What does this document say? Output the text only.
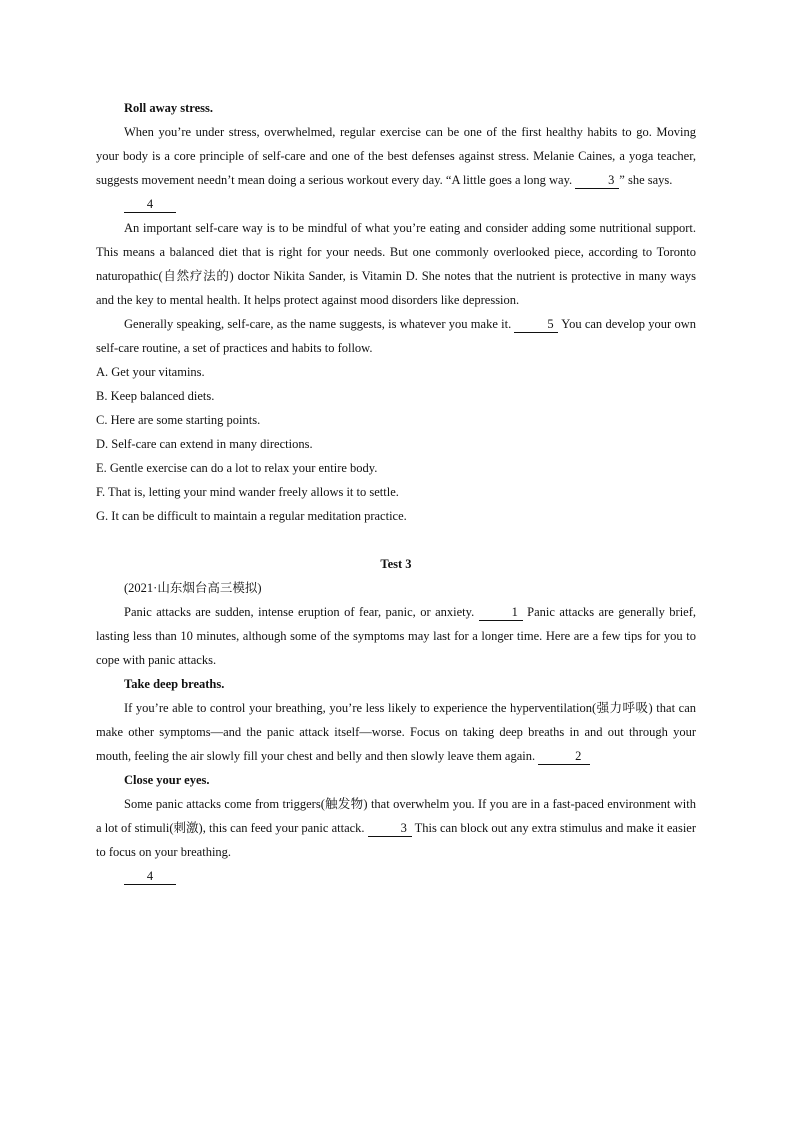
Roll away stress.

When you’re under stress, overwhelmed, regular exercise can be one of the first healthy habits to go. Moving your body is a core principle of self-care and one of the best defenses against stress. Melanie Caines, a yoga teacher, suggests movement needn’t mean doing a serious workout every day. “A little goes a long way.	3 ” she says.

4

An important self-care way is to be mindful of what you’re eating and consider adding some nutritional support. This means a balanced diet that is right for your needs. But one commonly overlooked piece, according to Toronto naturopathic(自然疗法的) doctor Nikita Sander, is Vitamin D. She notes that the nutrient is protective in many ways and the key to mental health. It helps protect against mood disorders like depression.

Generally speaking, self-care, as the name suggests, is whatever you make it.	5 You can develop your own self-care routine, a set of practices and habits to follow.

A. Get your vitamins.

B. Keep balanced diets.

C. Here are some starting points.

D. Self-care can extend in many directions.

E. Gentle exercise can do a lot to relax your entire body.

F. That is, letting your mind wander freely allows it to settle.

G. It can be difficult to maintain a regular meditation practice.

Test 3

(2021·山东烟台高三模拟)

Panic attacks are sudden, intense eruption of fear, panic, or anxiety.	1 Panic attacks are generally brief, lasting less than 10 minutes, although some of the symptoms may last for a longer time. Here are a few tips for you to cope with panic attacks.

Take deep breaths.

If you’re able to control your breathing, you’re less likely to experience the hyperventilation(强力呼吸) that can make other symptoms—and the panic attack itself—worse. Focus on taking deep breaths in and out through your mouth, feeling the air slowly fill your chest and belly and then slowly leave them again.	2

Close your eyes.

Some panic attacks come from triggers(触发物) that overwhelm you. If you are in a fast-paced environment with a lot of stimuli(刺激), this can feed your panic attack.	3 This can block out any extra stimulus and make it easier to focus on your breathing.

4
